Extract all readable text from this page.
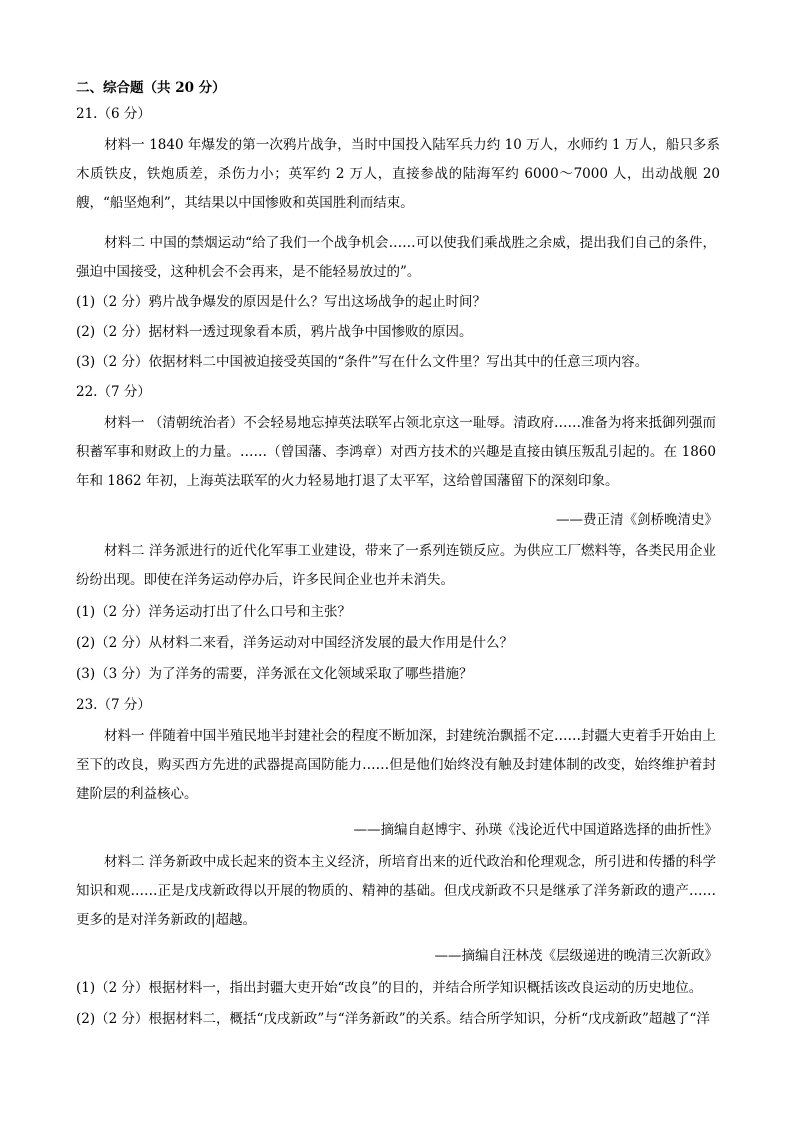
二、综合题（共 20 分）
21.（6 分）
材料一 1840 年爆发的第一次鸦片战争，当时中国投入陆军兵力约 10 万人，水师约 1 万人，船只多系木质铁皮，铁炮质差，杀伤力小；英军约 2 万人，直接参战的陆海军约 6000～7000 人，出动战舰 20 艘，“船坚炮利”，其结果以中国惨败和英国胜利而结束。
材料二 中国的禁烟运动“给了我们一个战争机会……可以使我们乘战胜之余威，提出我们自己的条件，强迫中国接受，这种机会不会再来，是不能轻易放过的”。
(1)（2 分）鸦片战争爆发的原因是什么？写出这场战争的起止时间？
(2)（2 分）据材料一透过现象看本质，鸦片战争中国惨败的原因。
(3)（2 分）依据材料二中国被迫接受英国的“条件”写在什么文件里？写出其中的任意三项内容。
22.（7 分）
材料一 （清朝统治者）不会轻易地忘掉英法联军占领北京这一耻辱。清政府……准备为将来抵御列强而积蓄军事和财政上的力量。……（曾国藩、李鸿章）对西方技术的兴趣是直接由镇压叛乱引起的。在 1860 年和 1862 年初，上海英法联军的火力轻易地打退了太平军，这给曾国藩留下的深刻印象。
——费正清《剑桥晚清史》
材料二 洋务派进行的近代化军事工业建设，带来了一系列连锁反应。为供应工厂燃料等，各类民用企业纷纷出现。即使在洋务运动停办后，许多民间企业也并未消失。
(1)（2 分）洋务运动打出了什么口号和主张？
(2)（2 分）从材料二来看，洋务运动对中国经济发展的最大作用是什么？
(3)（3 分）为了洋务的需要，洋务派在文化领域采取了哪些措施？
23.（7 分）
材料一 伴随着中国半殖民地半封建社会的程度不断加深，封建统治飘摇不定……封疆大吏着手开始由上至下的改良，购买西方先进的武器提高国防能力……但是他们始终没有触及封建体制的改变，始终维护着封建阶层的利益核心。
——摘编自赵博宇、孙瑛《浅论近代中国道路选择的曲折性》
材料二 洋务新政中成长起来的资本主义经济，所培育出来的近代政治和伦理观念，所引进和传播的科学知识和观……正是戊戌新政得以开展的物质的、精神的基础。但戊戌新政不只是继承了洋务新政的遗产……更多的是对洋务新政的|超越。
——摘编自汪林茂《层级递进的晚清三次新政》
(1)（2 分）根据材料一，指出封疆大吏开始“改良”的目的，并结合所学知识概括该改良运动的历史地位。
(2)（2 分）根据材料二，概括“戊戌新政”与“洋务新政”的关系。结合所学知识，分析“戊戌新政”超越了“洋
